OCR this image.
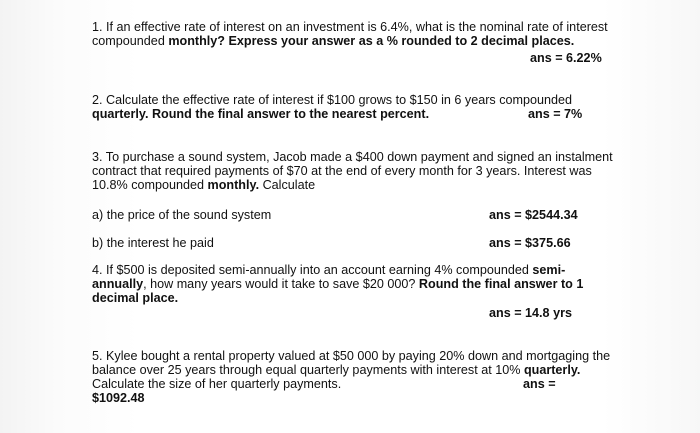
1. If an effective rate of interest on an investment is 6.4%, what is the nominal rate of interest
compounded monthly? Express your answer as a % rounded to 2 decimal places.
ans = 6.22%
2. Calculate the effective rate of interest if $100 grows to $150 in 6 years compounded
quarterly. Round the final answer to the nearest percent.	ans = 7%
3. To purchase a sound system, Jacob made a $400 down payment and signed an instalment
contract that required payments of $70 at the end of every month for 3 years. Interest was
10.8% compounded monthly. Calculate
a) the price of the sound system	ans = $2544.34
b) the interest he paid	ans = $375.66
4. If $500 is deposited semi-annually into an account earning 4% compounded semi-
annually, how many years would it take to save $20 000? Round the final answer to 1
decimal place.
ans = 14.8 yrs
5. Kylee bought a rental property valued at $50 000 by paying 20% down and mortgaging the
balance over 25 years through equal quarterly payments with interest at 10% quarterly.
Calculate the size of her quarterly payments.
$1092.48
ans =
